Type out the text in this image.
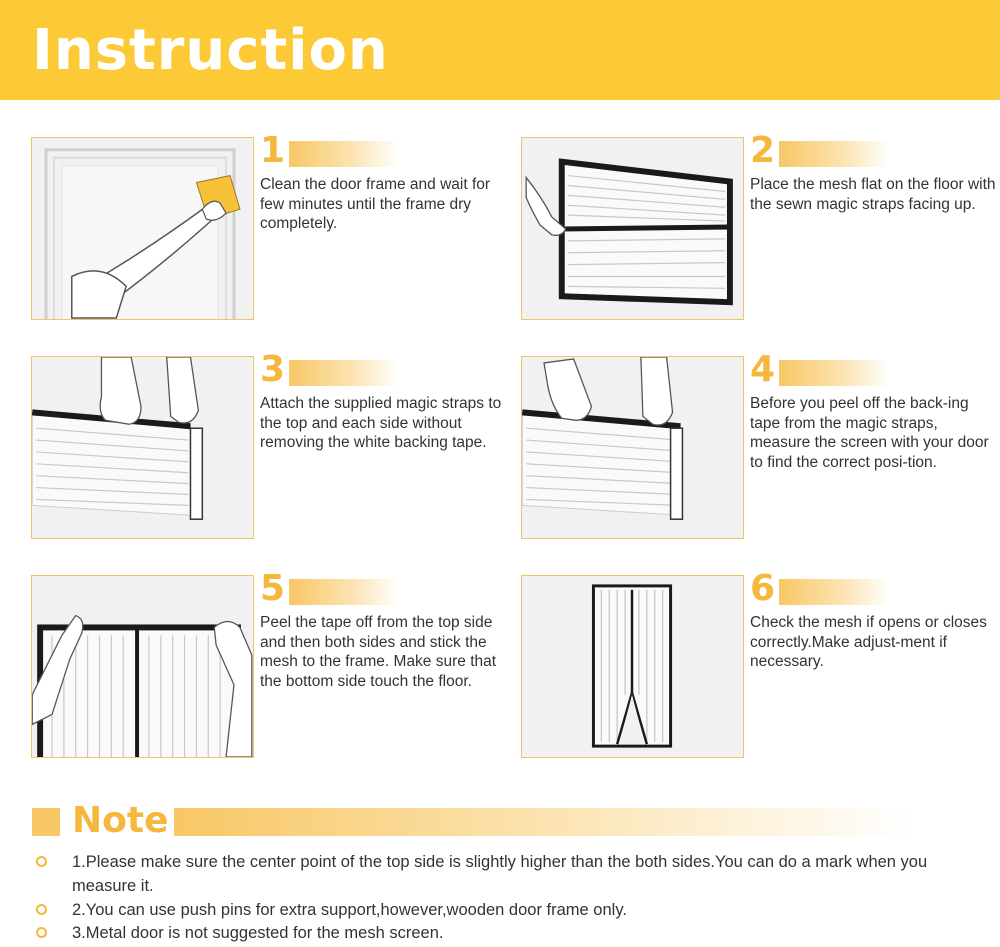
Instruction
1
Clean the door frame and wait for few minutes until the frame dry completely.
2
Place the mesh flat on the floor with the sewn magic straps facing up.
3
Attach the supplied magic straps to the top and each side without removing the white backing tape.
4
Before you peel off the back-ing tape from the magic straps, measure the screen with your door to find the correct posi-tion.
5
Peel the tape off from the top side and then both sides and stick the mesh to the frame. Make sure that the bottom side touch the floor.
6
Check the mesh if opens or closes correctly.Make adjust-ment if necessary.
Note
1.Please make sure the center point of the top side is slightly higher than the both sides.You can do a mark when you measure it.
2.You can use push pins for extra support,however,wooden door frame only.
3.Metal door is not suggested for the mesh screen.
